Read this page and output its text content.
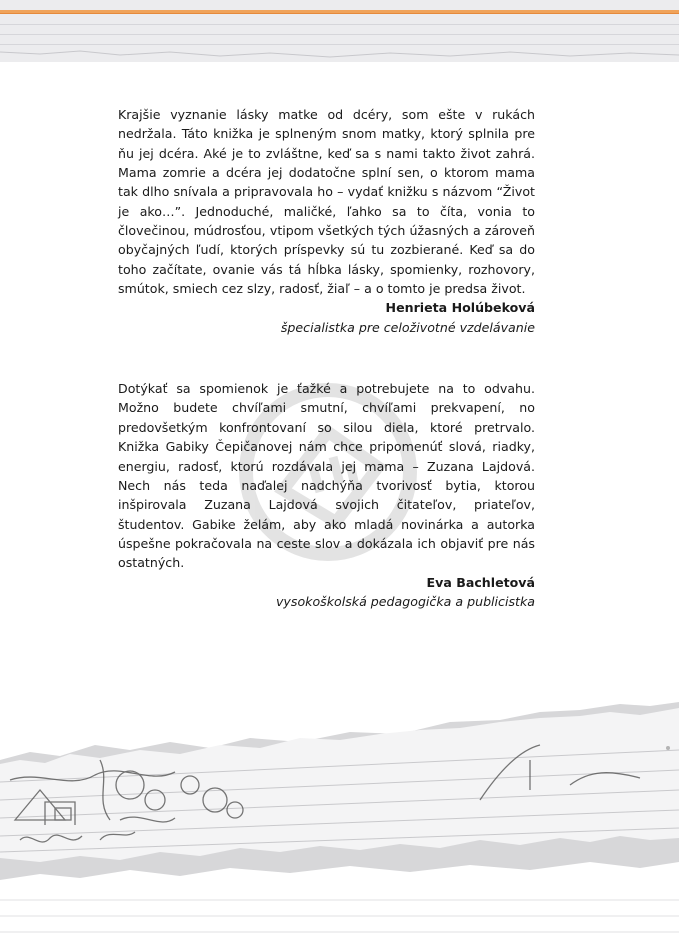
Krajšie vyznanie lásky matke od dcéry, som ešte v rukách nedržala. Táto knižka je splneným snom matky, ktorý splnila pre ňu jej dcéra. Aké je to zvláštne, keď sa s nami takto život zahrá. Mama zomrie a dcéra jej dodatočne splní sen, o ktorom mama tak dlho snívala a pripravovala ho – vydať knižku s názvom “Život je ako…”. Jednoduché, maličké, ľahko sa to číta, vonia to človečinou, múdrosťou, vtipom všetkých tých úžasných a zároveň obyčajných ľudí, ktorých príspevky sú tu zozbierané. Keď sa do toho začítate, ovanie vás tá hĺbka lásky, spomienky, rozhovory, smútok, smiech cez slzy, radosť, žiaľ – a o tomto je predsa život.

Henrieta Holúbeková

špecialistka pre celoživotné vzdelávanie

Dotýkať sa spomienok je ťažké a potrebujete na to odvahu. Možno budete chvíľami smutní, chvíľami prekvapení, no predovšetkým konfrontovaní so silou diela, ktoré pretrvalo. Knižka Gabiky Čepičanovej nám chce pripomenúť slová, riadky, energiu, radosť, ktorú rozdávala jej mama – Zuzana Lajdová. Nech nás teda naďalej nadchýňa tvorivosť bytia, ktorou inšpirovala Zuzana Lajdová svojich čitateľov, priateľov, študentov. Gabike želám, aby ako mladá novinárka a autorka úspešne pokračovala na ceste slov a dokázala ich objaviť pre nás ostatných.

Eva Bachletová

vysokoškolská pedagogička a publicistka
